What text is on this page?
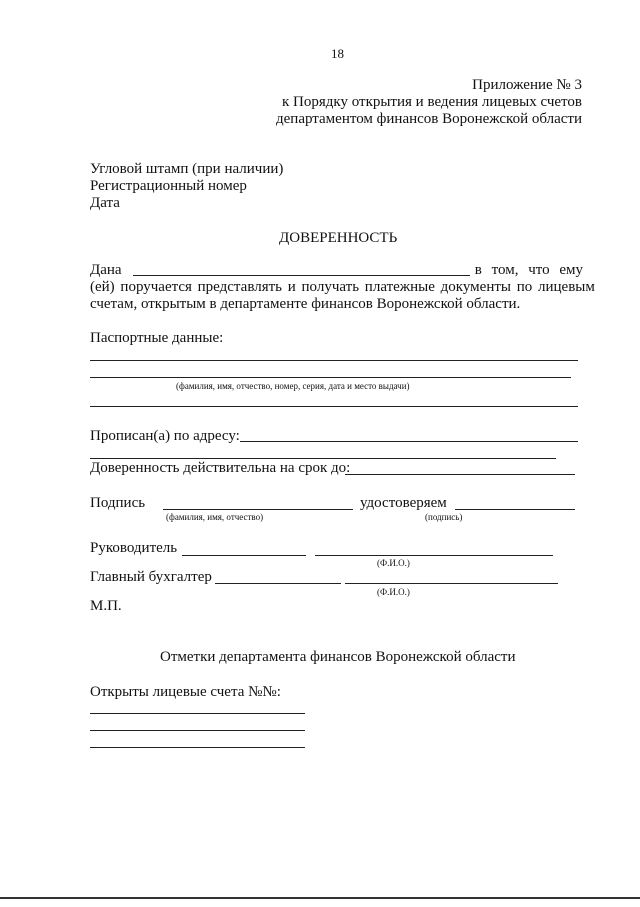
18
Приложение № 3
к Порядку открытия и ведения лицевых счетов
департаментом финансов Воронежской области
Угловой штамп (при наличии)
Регистрационный номер
Дата
ДОВЕРЕННОСТЬ
Дана	в том, что ему
(ей) поручается представлять и получать платежные документы по лицевым
счетам, открытым в департаменте финансов Воронежской области.
Паспортные данные:
(фамилия, имя, отчество, номер, серия, дата и место выдачи)
Прописан(а) по адресу:
Доверенность действительна на срок до:
Подпись	удостоверяем
(фамилия, имя, отчество)	(подпись)
Руководитель
(Ф.И.О.)
Главный бухгалтер
(Ф.И.О.)
М.П.
Отметки департамента финансов Воронежской области
Открыты лицевые счета №№:
